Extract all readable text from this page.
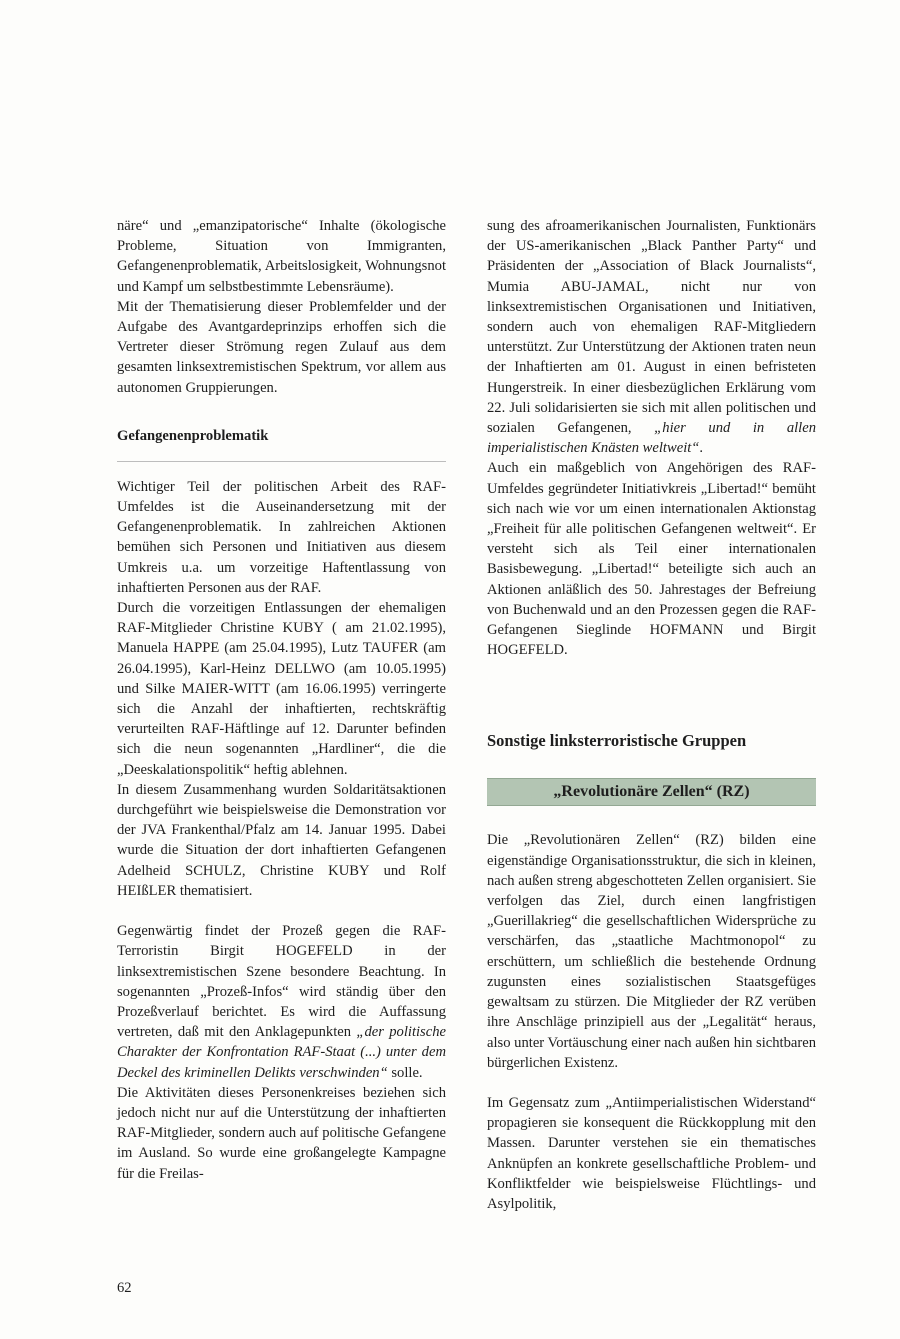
näre“ und „emanzipatorische“ Inhalte (ökologische Probleme, Situation von Immigranten, Gefangenenproblematik, Arbeitslosigkeit, Wohnungsnot und Kampf um selbstbestimmte Lebensräume).

Mit der Thematisierung dieser Problemfelder und der Aufgabe des Avantgardeprinzips erhoffen sich die Vertreter dieser Strömung regen Zulauf aus dem gesamten linksextremistischen Spektrum, vor allem aus autonomen Gruppierungen.

Gefangenenproblematik

Wichtiger Teil der politischen Arbeit des RAF-Umfeldes ist die Auseinandersetzung mit der Gefangenenproblematik. In zahlreichen Aktionen bemühen sich Personen und Initiativen aus diesem Umkreis u.a. um vorzeitige Haftentlassung von inhaftierten Personen aus der RAF.

Durch die vorzeitigen Entlassungen der ehemaligen RAF-Mitglieder Christine KUBY ( am 21.02.1995), Manuela HAPPE (am 25.04.1995), Lutz TAUFER (am 26.04.1995), Karl-Heinz DELLWO (am 10.05.1995) und Silke MAIER-WITT (am 16.06.1995) verringerte sich die Anzahl der inhaftierten, rechtskräftig verurteilten RAF-Häftlinge auf 12. Darunter befinden sich die neun sogenannten „Hardliner“, die die „Deeskalationspolitik“ heftig ablehnen.

In diesem Zusammenhang wurden Soldaritätsaktionen durchgeführt wie beispielsweise die Demonstration vor der JVA Frankenthal/Pfalz am 14. Januar 1995. Dabei wurde die Situation der dort inhaftierten Gefangenen Adelheid SCHULZ, Christine KUBY und Rolf HEIßLER thematisiert.

Gegenwärtig findet der Prozeß gegen die RAF-Terroristin Birgit HOGEFELD in der linksextremistischen Szene besondere Beachtung. In sogenannten „Prozeß-Infos“ wird ständig über den Prozeßverlauf berichtet. Es wird die Auffassung vertreten, daß mit den Anklagepunkten „der politische Charakter der Konfrontation RAF-Staat (...) unter dem Deckel des kriminellen Delikts verschwinden“ solle.

Die Aktivitäten dieses Personenkreises beziehen sich jedoch nicht nur auf die Unterstützung der inhaftierten RAF-Mitglieder, sondern auch auf politische Gefangene im Ausland. So wurde eine großangelegte Kampagne für die Freilas-

sung des afroamerikanischen Journalisten, Funktionärs der US-amerikanischen „Black Panther Party“ und Präsidenten der „Association of Black Journalists“, Mumia ABU-JAMAL, nicht nur von linksextremistischen Organisationen und Initiativen, sondern auch von ehemaligen RAF-Mitgliedern unterstützt. Zur Unterstützung der Aktionen traten neun der Inhaftierten am 01. August in einen befristeten Hungerstreik. In einer diesbezüglichen Erklärung vom 22. Juli solidarisierten sie sich mit allen politischen und sozialen Gefangenen, „hier und in allen imperialistischen Knästen weltweit“.

Auch ein maßgeblich von Angehörigen des RAF-Umfeldes gegründeter Initiativkreis „Libertad!“ bemüht sich nach wie vor um einen internationalen Aktionstag „Freiheit für alle politischen Gefangenen weltweit“. Er versteht sich als Teil einer internationalen Basisbewegung. „Libertad!“ beteiligte sich auch an Aktionen anläßlich des 50. Jahrestages der Befreiung von Buchenwald und an den Prozessen gegen die RAF-Gefangenen Sieglinde HOFMANN und Birgit HOGEFELD.

Sonstige linksterroristische Gruppen
„Revolutionäre Zellen“ (RZ)

Die „Revolutionären Zellen“ (RZ) bilden eine eigenständige Organisationsstruktur, die sich in kleinen, nach außen streng abgeschotteten Zellen organisiert. Sie verfolgen das Ziel, durch einen langfristigen „Guerillakrieg“ die gesellschaftlichen Widersprüche zu verschärfen, das „staatliche Machtmonopol“ zu erschüttern, um schließlich die bestehende Ordnung zugunsten eines sozialistischen Staatsgefüges gewaltsam zu stürzen. Die Mitglieder der RZ verüben ihre Anschläge prinzipiell aus der „Legalität“ heraus, also unter Vortäuschung einer nach außen hin sichtbaren bürgerlichen Existenz.

Im Gegensatz zum „Antiimperialistischen Widerstand“ propagieren sie konsequent die Rückkopplung mit den Massen. Darunter verstehen sie ein thematisches Anknüpfen an konkrete gesellschaftliche Problem- und Konfliktfelder wie beispielsweise Flüchtlings- und Asylpolitik,

62
